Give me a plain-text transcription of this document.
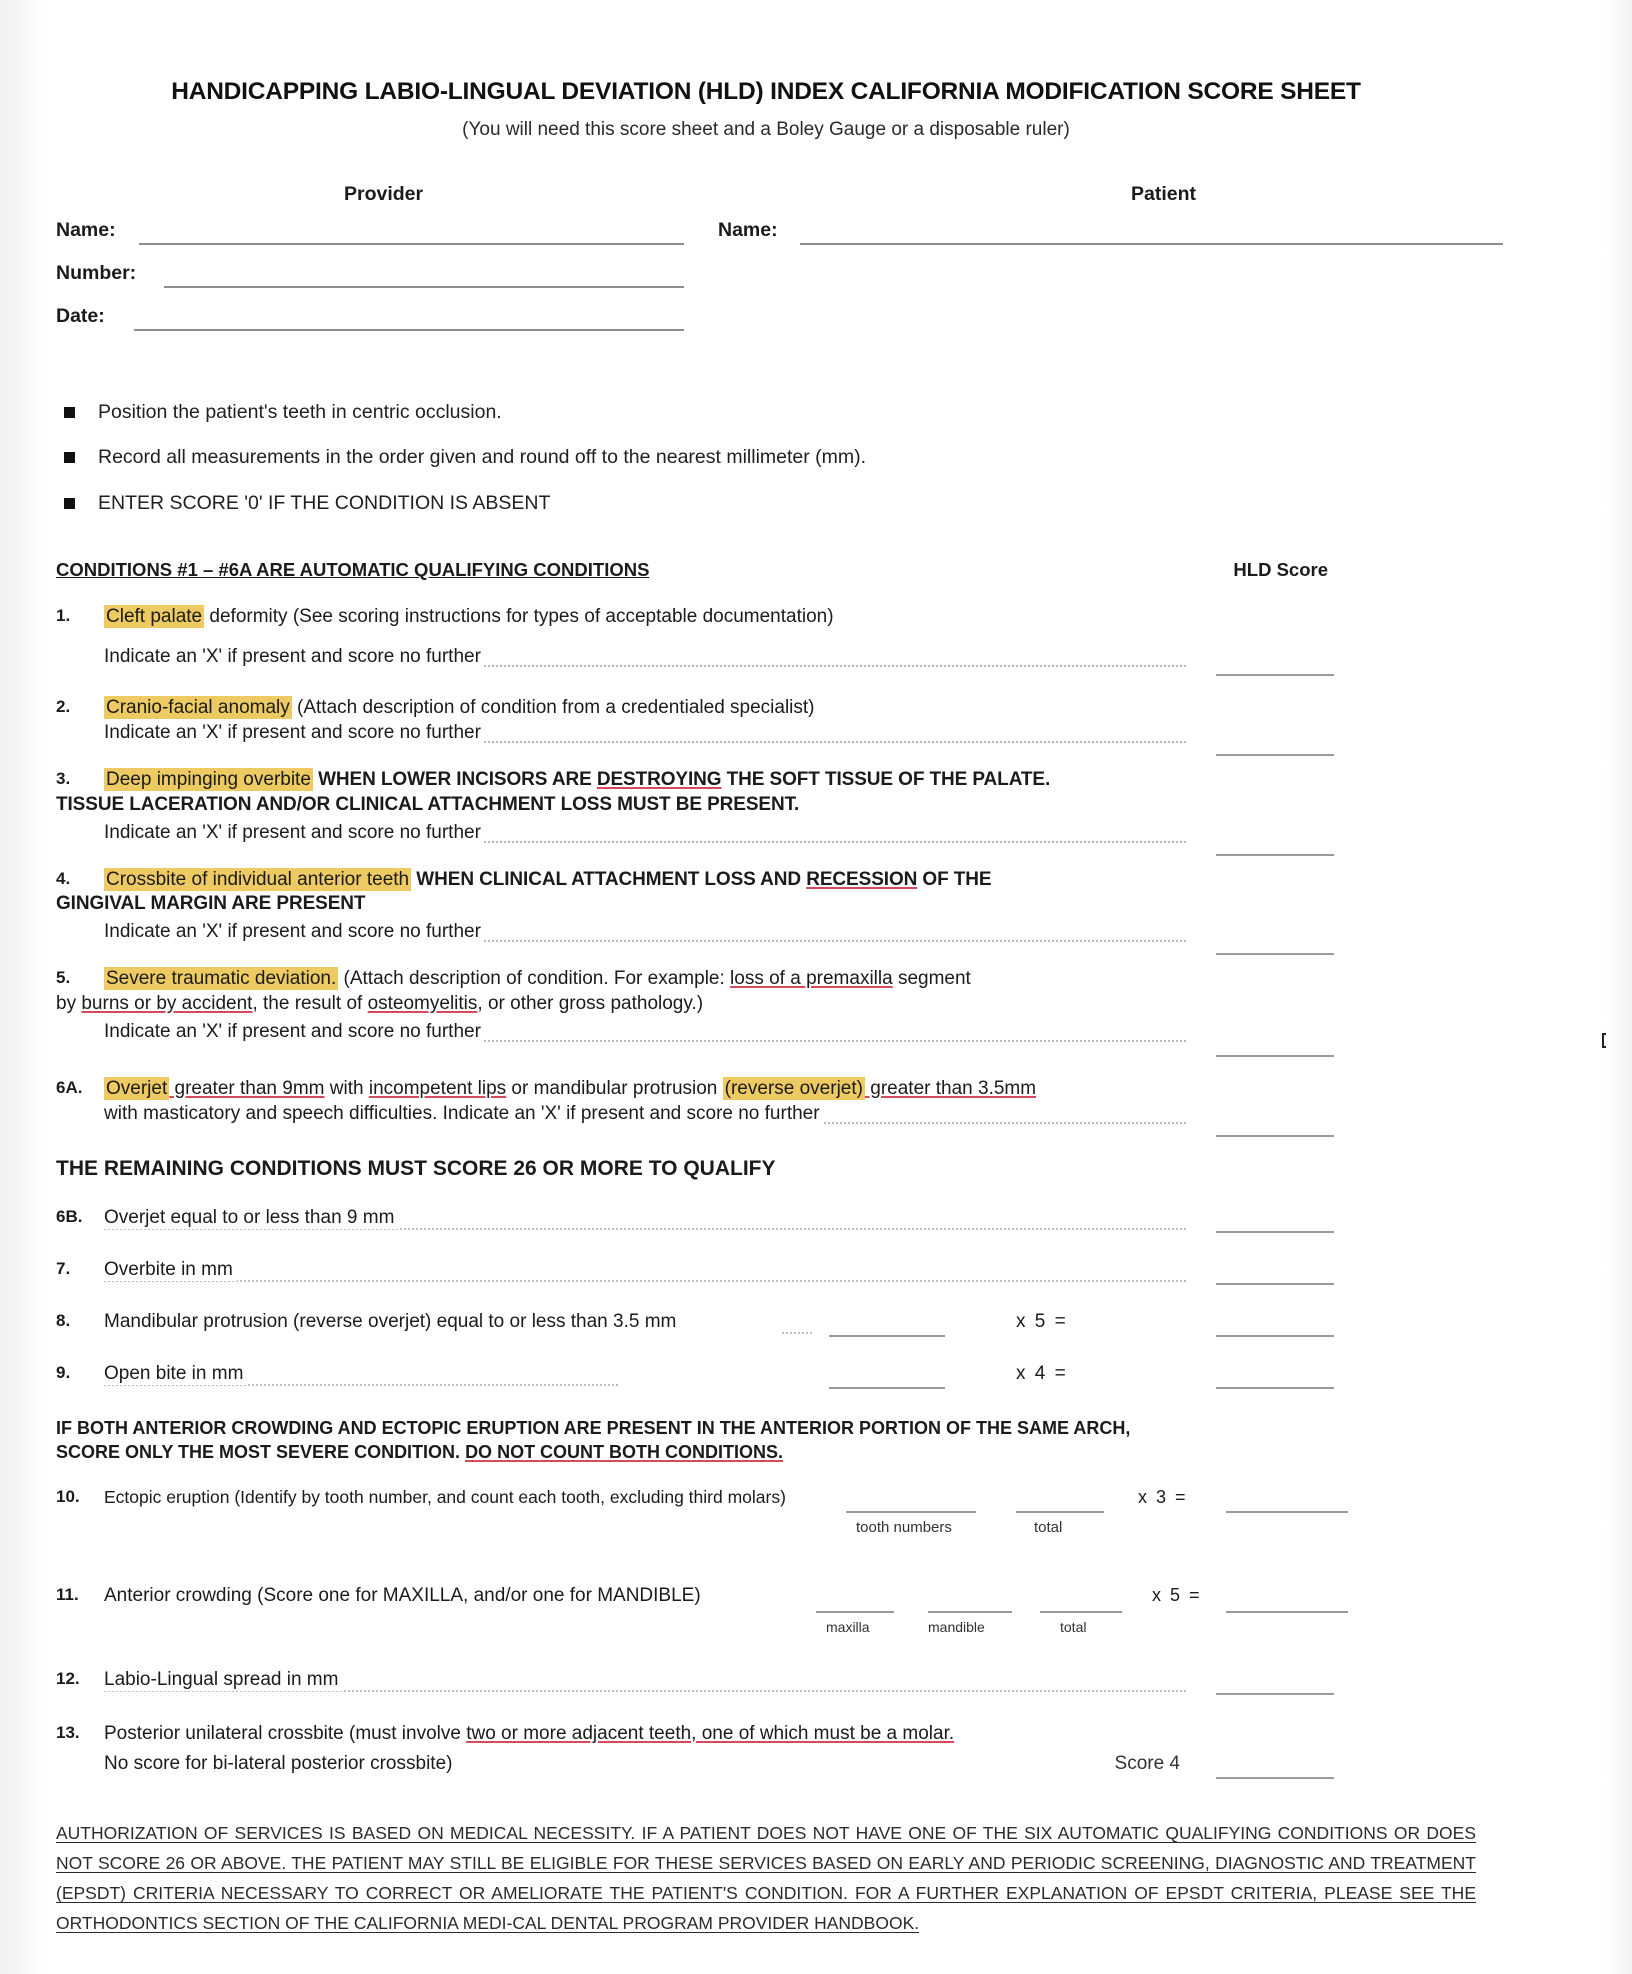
HANDICAPPING LABIO-LINGUAL DEVIATION (HLD) INDEX CALIFORNIA MODIFICATION SCORE SHEET
(You will need this score sheet and a Boley Gauge or a disposable ruler)
Provider	Patient
Name:	Name:
Number:
Date:
Position the patient's teeth in centric occlusion.
Record all measurements in the order given and round off to the nearest millimeter (mm).
ENTER SCORE '0' IF THE CONDITION IS ABSENT
CONDITIONS #1 – #6A ARE AUTOMATIC QUALIFYING CONDITIONS	HLD Score
1.	Cleft palate deformity (See scoring instructions for types of acceptable documentation)
Indicate an 'X' if present and score no further
2.	Cranio-facial anomaly (Attach description of condition from a credentialed specialist)
Indicate an 'X' if present and score no further
3.	Deep impinging overbite WHEN LOWER INCISORS ARE DESTROYING THE SOFT TISSUE OF THE PALATE.
TISSUE LACERATION AND/OR CLINICAL ATTACHMENT LOSS MUST BE PRESENT.
Indicate an 'X' if present and score no further
4.	Crossbite of individual anterior teeth WHEN CLINICAL ATTACHMENT LOSS AND RECESSION OF THE
GINGIVAL MARGIN ARE PRESENT
Indicate an 'X' if present and score no further
5.	Severe traumatic deviation. (Attach description of condition. For example: loss of a premaxilla segment
by burns or by accident, the result of osteomyelitis, or other gross pathology.)
Indicate an 'X' if present and score no further
6A.	Overjet greater than 9mm with incompetent lips or mandibular protrusion (reverse overjet) greater than 3.5mm
with masticatory and speech difficulties. Indicate an 'X' if present and score no further
THE REMAINING CONDITIONS MUST SCORE 26 OR MORE TO QUALIFY
6B.	Overjet equal to or less than 9 mm
7.	Overbite in mm
8.	Mandibular protrusion (reverse overjet) equal to or less than 3.5 mm	x 5 =
9.	Open bite in mm	x 4 =
IF BOTH ANTERIOR CROWDING AND ECTOPIC ERUPTION ARE PRESENT IN THE ANTERIOR PORTION OF THE SAME ARCH,
SCORE ONLY THE MOST SEVERE CONDITION. DO NOT COUNT BOTH CONDITIONS.
10.	Ectopic eruption (Identify by tooth number, and count each tooth, excluding third molars)
tooth numbers	total
x 3 =
11.	Anterior crowding (Score one for MAXILLA, and/or one for MANDIBLE)
maxilla	mandible	total
x 5 =
12.	Labio-Lingual spread in mm
13.	Posterior unilateral crossbite (must involve two or more adjacent teeth, one of which must be a molar.
No score for bi-lateral posterior crossbite)	Score 4
AUTHORIZATION OF SERVICES IS BASED ON MEDICAL NECESSITY. IF A PATIENT DOES NOT HAVE ONE OF THE SIX AUTOMATIC QUALIFYING CONDITIONS OR DOES NOT SCORE 26 OR ABOVE. THE PATIENT MAY STILL BE ELIGIBLE FOR THESE SERVICES BASED ON EARLY AND PERIODIC SCREENING, DIAGNOSTIC AND TREATMENT (EPSDT) CRITERIA NECESSARY TO CORRECT OR AMELIORATE THE PATIENT'S CONDITION. FOR A FURTHER EXPLANATION OF EPSDT CRITERIA, PLEASE SEE THE ORTHODONTICS SECTION OF THE CALIFORNIA MEDI-CAL DENTAL PROGRAM PROVIDER HANDBOOK.
